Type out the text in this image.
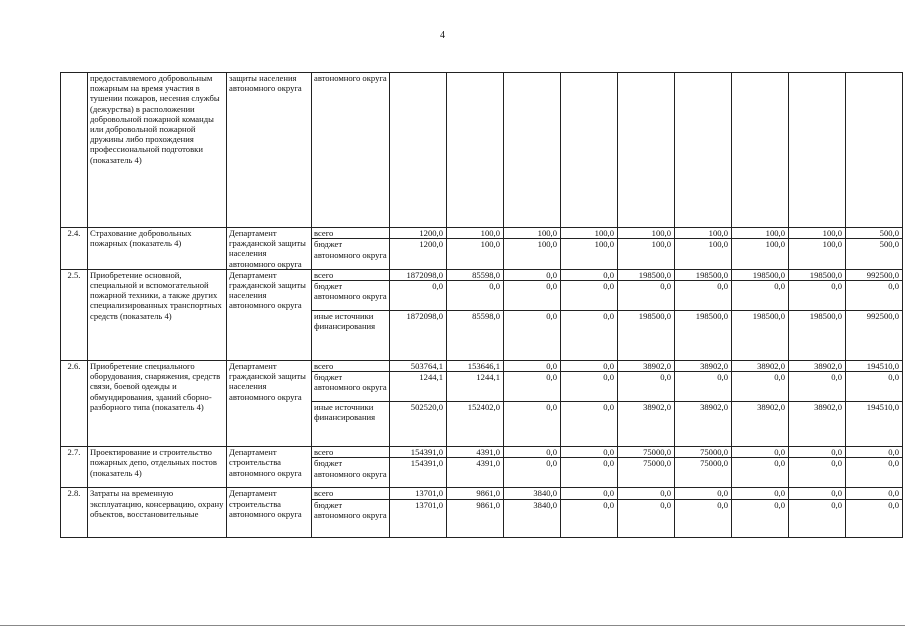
4
	предоставляемого добровольным пожарным на время участия в тушении пожаров, несения службы (дежурства) в расположении добровольной пожарной команды или добровольной пожарной дружины либо прохождения профессиональной подготовки (показатель 4)	защиты населения автономного округа	автономного округа									
2.4.	Страхование добровольных пожарных (показатель 4)	Департамент гражданской защиты населения автономного округа	всего	1200,0	100,0	100,0	100,0	100,0	100,0	100,0	100,0	500,0
			бюджет автономного округа	1200,0	100,0	100,0	100,0	100,0	100,0	100,0	100,0	500,0
2.5.	Приобретение основной, специальной и вспомогательной пожарной техники, а также других специализированных транспортных средств (показатель 4)	Департамент гражданской защиты населения автономного округа	всего	1872098,0	85598,0	0,0	0,0	198500,0	198500,0	198500,0	198500,0	992500,0
			бюджет автономного округа	0,0	0,0	0,0	0,0	0,0	0,0	0,0	0,0	0,0
			иные источники финансирования	1872098,0	85598,0	0,0	0,0	198500,0	198500,0	198500,0	198500,0	992500,0
2.6.	Приобретение специального оборудования, снаряжения, средств связи, боевой одежды и обмундирования, зданий сборно-разборного типа (показатель 4)	Департамент гражданской защиты населения автономного округа	всего	503764,1	153646,1	0,0	0,0	38902,0	38902,0	38902,0	38902,0	194510,0
			бюджет автономного округа	1244,1	1244,1	0,0	0,0	0,0	0,0	0,0	0,0	0,0
			иные источники финансирования	502520,0	152402,0	0,0	0,0	38902,0	38902,0	38902,0	38902,0	194510,0
2.7.	Проектирование и строительство пожарных депо, отдельных постов (показатель 4)	Департамент строительства автономного округа	всего	154391,0	4391,0	0,0	0,0	75000,0	75000,0	0,0	0,0	0,0
			бюджет автономного округа	154391,0	4391,0	0,0	0,0	75000,0	75000,0	0,0	0,0	0,0
2.8.	Затраты на временную эксплуатацию, консервацию, охрану объектов, восстановительные	Департамент строительства автономного округа	всего	13701,0	9861,0	3840,0	0,0	0,0	0,0	0,0	0,0	0,0
			бюджет автономного округа	13701,0	9861,0	3840,0	0,0	0,0	0,0	0,0	0,0	0,0
